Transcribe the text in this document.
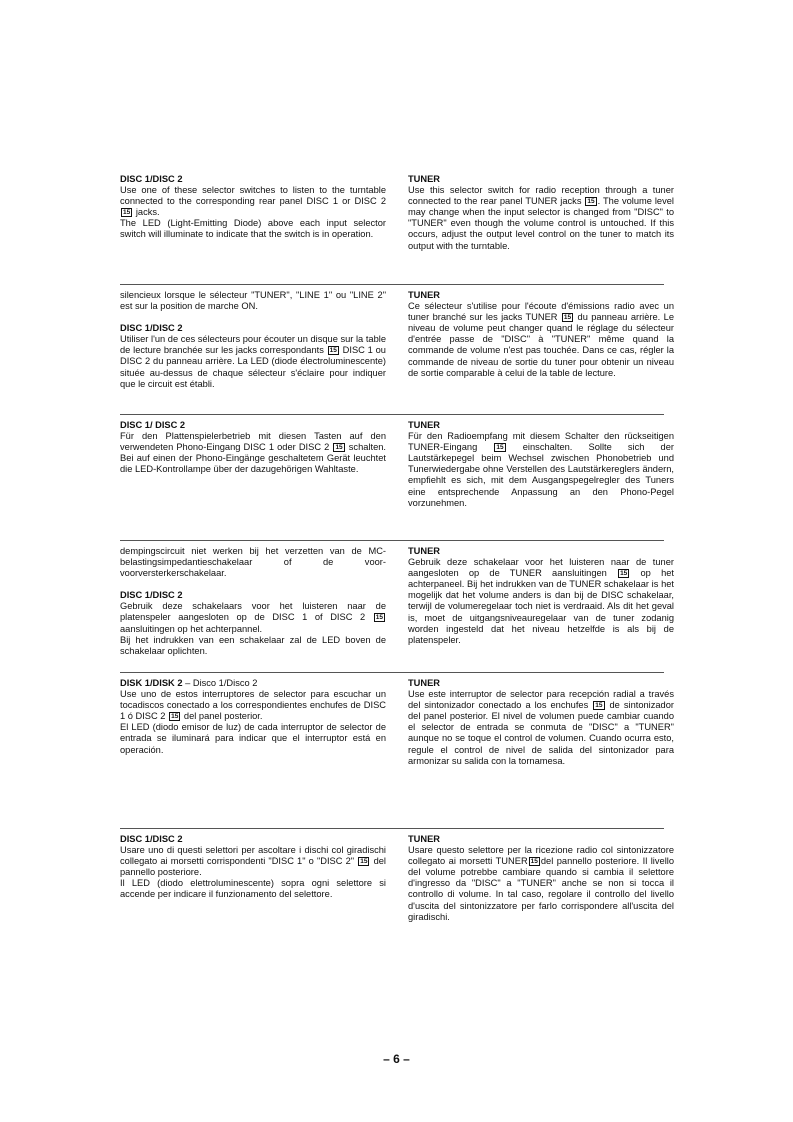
DISC 1/DISC 2

Use one of these selector switches to listen to the turntable connected to the corresponding rear panel DISC 1 or DISC 2 15 jacks.

The LED (Light-Emitting Diode) above each input selector switch will illuminate to indicate that the switch is in operation.

TUNER

Use this selector switch for radio reception through a tuner connected to the rear panel TUNER jacks 15 . The volume level may change when the input selector is changed from "DISC" to "TUNER" even though the volume control is untouched. If this occurs, adjust the output level control on the tuner to match its output with the turntable.

silencieux lorsque le sélecteur "TUNER", "LINE 1" ou "LINE 2" est sur la position de marche ON.

DISC 1/DISC 2

Utiliser l'un de ces sélecteurs pour écouter un disque sur la table de lecture branchée sur les jacks correspondants 15 DISC 1 ou DISC 2 du panneau arrière. La LED (diode électroluminescente) située au-dessus de chaque sélecteur s'éclaire pour indiquer que le circuit est établi.

TUNER

Ce sélecteur s'utilise pour l'écoute d'émissions radio avec un tuner branché sur les jacks TUNER 15 du panneau arrière. Le niveau de volume peut changer quand le réglage du sélecteur d'entrée passe de "DISC" à "TUNER" même quand la commande de volume n'est pas touchée. Dans ce cas, régler la commande de niveau de sortie du tuner pour obtenir un niveau de sortie comparable à celui de la table de lecture.

DISC 1/ DISC 2

Für den Plattenspielerbetrieb mit diesen Tasten auf den verwendeten Phono-Eingang DISC 1 oder DISC 2 15 schalten. Bei auf einen der Phono-Eingänge geschaltetem Gerät leuchtet die LED-Kontrollampe über der dazugehörigen Wahltaste.

TUNER

Für den Radioempfang mit diesem Schalter den rückseitigen TUNER-Eingang	15 einschalten. Sollte sich der Lautstärkepegel beim Wechsel zwischen Phonobetrieb und Tunerwiedergabe ohne Verstellen des Lautstärkereglers ändern, empfiehlt es sich, mit dem Ausgangspegelregler des Tuners eine entsprechende Anpassung an den Phono-Pegel vorzunehmen.

dempingscircuit niet werken bij het verzetten van de MC-belastingsimpedantieschakelaar of de voor-voorversterkerschakelaar.

DISC 1/DISC 2

Gebruik deze schakelaars voor het luisteren naar de platenspeler aangesloten op de DISC 1 of DISC 2 15 aansluitingen op het achterpannel.

Bij het indrukken van een schakelaar zal de LED boven de schakelaar oplichten.

TUNER

Gebruik deze schakelaar voor het luisteren naar de tuner aangesloten op de TUNER aansluitingen 15 op het achterpaneel. Bij het indrukken van de TUNER schakelaar is het mogelijk dat het volume anders is dan bij de DISC schakelaar, terwijl de volumeregelaar toch niet is verdraaid. Als dit het geval is, moet de uitgangsniveauregelaar van de tuner zodanig worden ingesteld dat het niveau hetzelfde is als bij de platenspeler.

DISK 1/DISK 2 – Disco 1/Disco 2

Use uno de estos interruptores de selector para escuchar un tocadiscos conectado a los correspondientes enchufes de DISC 1 ó DISC 2 15 del panel posterior.

El LED (diodo emisor de luz) de cada interruptor de selector de entrada se iluminará para indicar que el interruptor está en operación.

TUNER

Use este interruptor de selector para recepción radial a través del sintonizador conectado a los enchufes 15 de sintonizador del panel posterior. El nivel de volumen puede cambiar cuando el selector de entrada se conmuta de "DISC" a "TUNER" aunque no se toque el control de volumen. Cuando ocurra esto, regule el control de nivel de salida del sintonizador para armonizar su salida con la tornamesa.

DISC 1/DISC 2

Usare uno di questi selettori per ascoltare i dischi col giradischi collegato ai morsetti corrispondenti "DISC 1" o "DISC 2" 15 del pannello posteriore.

Il LED (diodo elettroluminescente) sopra ogni selettore si accende per indicare il funzionamento del selettore.

TUNER

Usare questo selettore per la ricezione radio col sintonizzatore collegato ai morsetti TUNER 15 del pannello posteriore. Il livello del volume potrebbe cambiare quando si cambia il selettore d'ingresso da "DISC" a "TUNER" anche se non si tocca il controllo di volume. In tal caso, regolare il controllo del livello d'uscita del sintonizzatore per farlo corrispondere all'uscita del giradischi.

– 6 –
